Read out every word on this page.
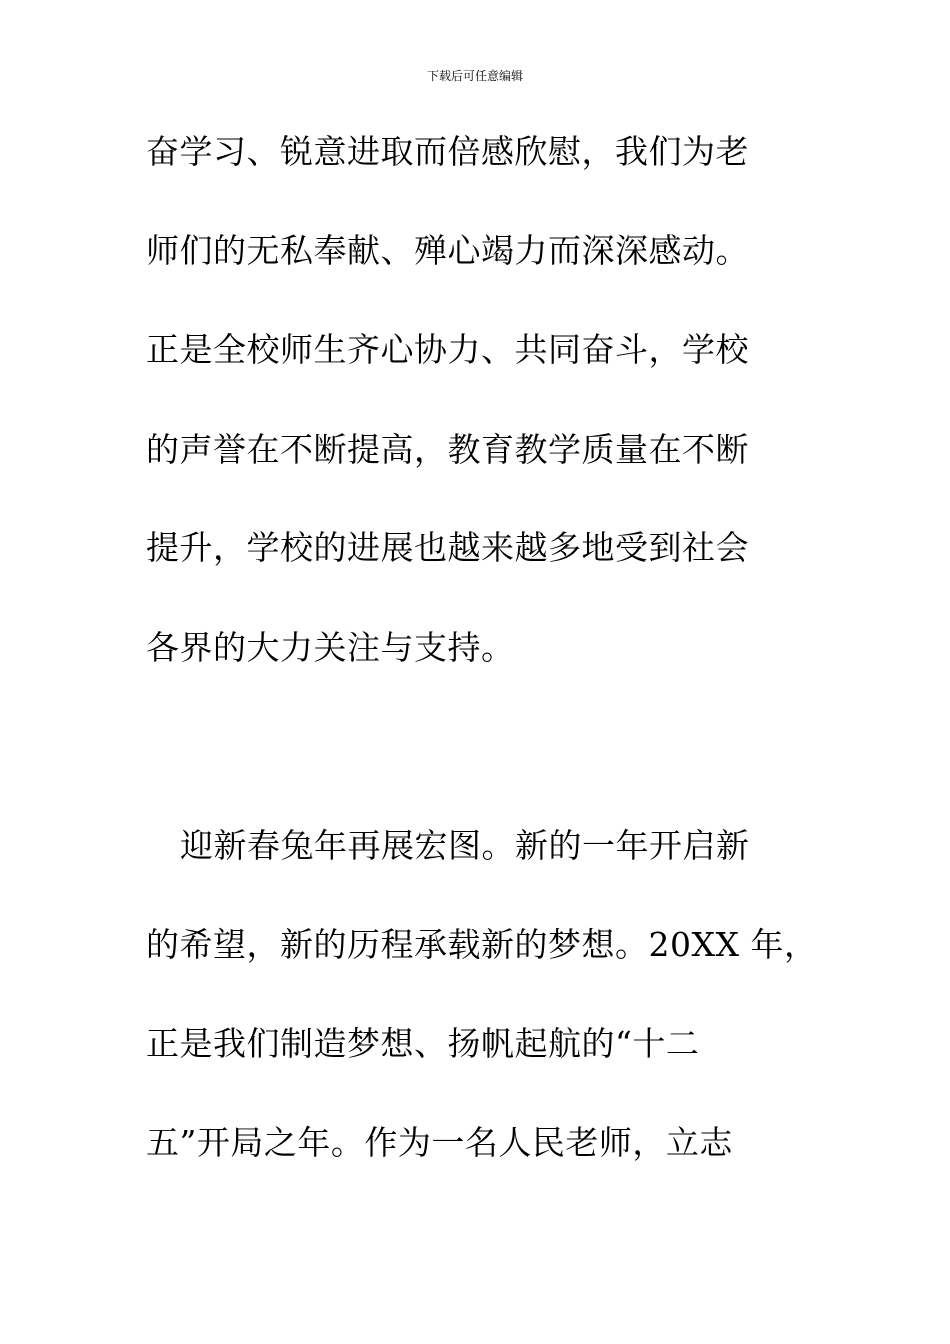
下载后可任意编辑
奋学习、锐意进取而倍感欣慰，我们为老
师们的无私奉献、殚心竭力而深深感动。
正是全校师生齐心协力、共同奋斗，学校
的声誉在不断提高，教育教学质量在不断
提升，学校的进展也越来越多地受到社会
各界的大力关注与支持。
迎新春兔年再展宏图。新的一年开启新
的希望，新的历程承载新的梦想。20XX 年，
正是我们制造梦想、扬帆起航的“十二
五”开局之年。作为一名人民老师，立志
